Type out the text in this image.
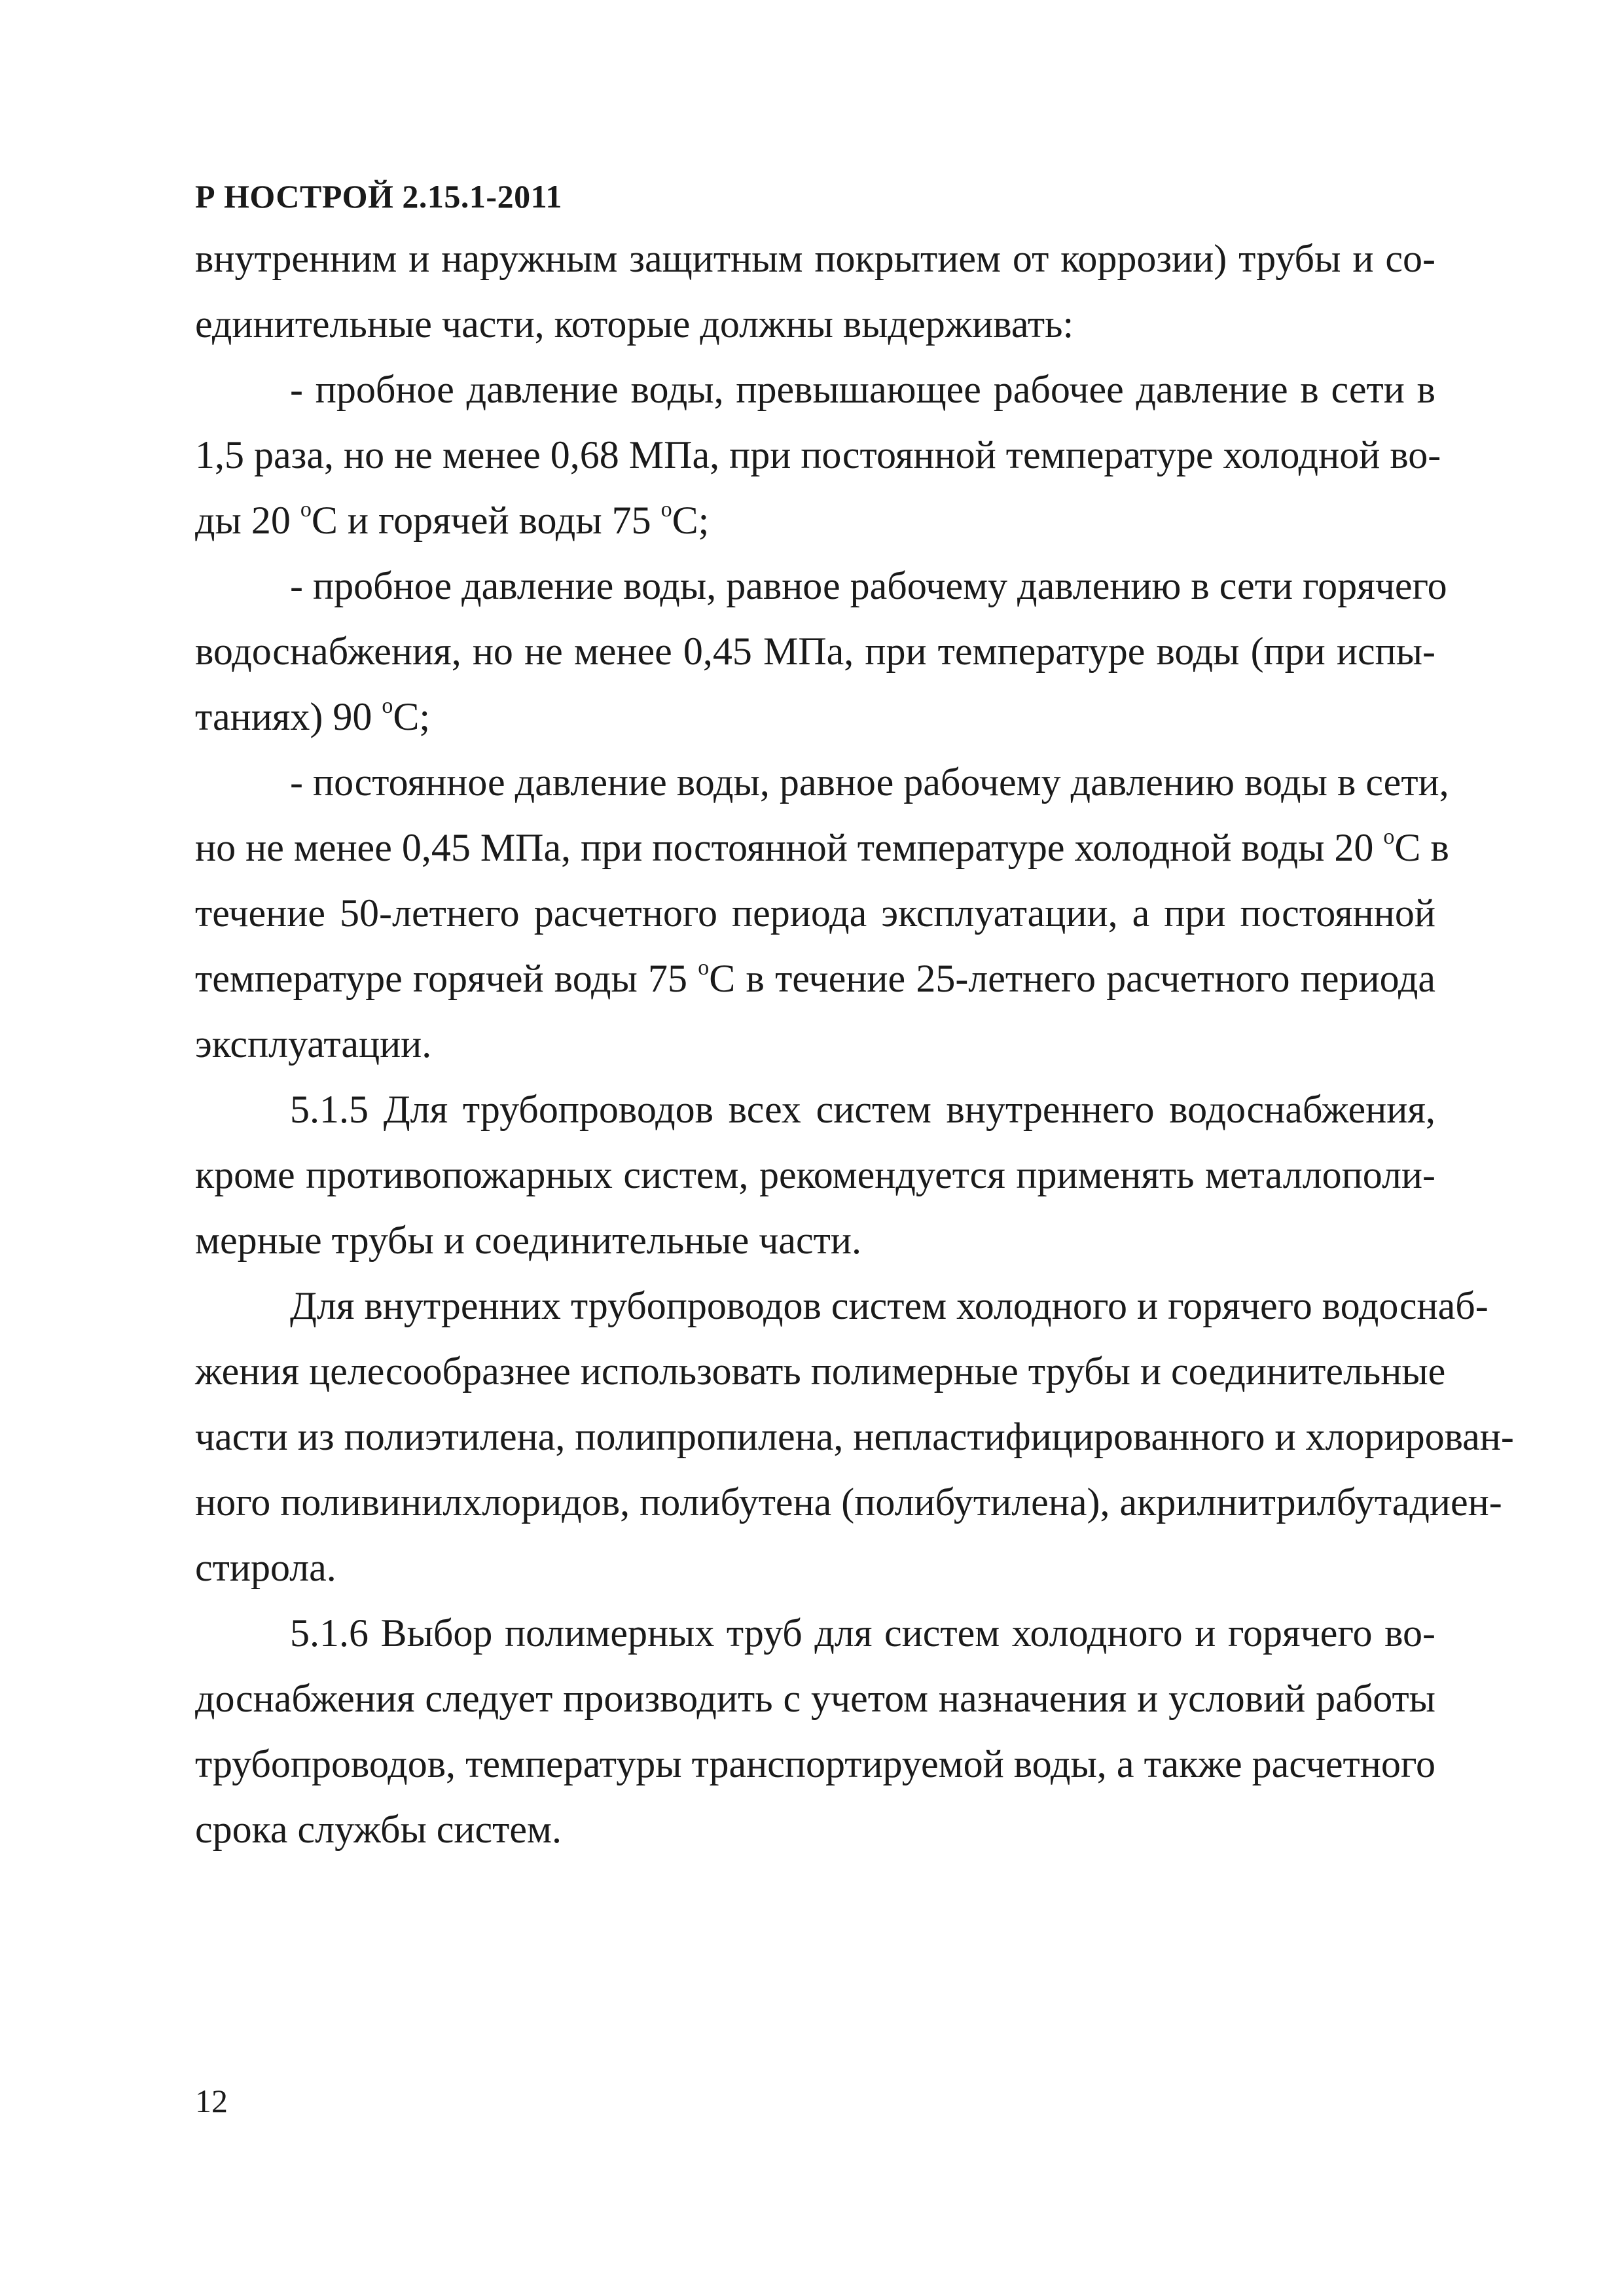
Р НОСТРОЙ 2.15.1-2011
внутренним и наружным защитным покрытием от коррозии) трубы и со-
единительные части, которые должны выдерживать:
- пробное давление воды, превышающее рабочее давление в сети в
1,5 раза, но не менее 0,68 МПа, при постоянной температуре холодной во-
ды 20 $^o$С и горячей воды 75 $^o$С;
- пробное давление воды, равное рабочему давлению в сети горячего
водоснабжения, но не менее 0,45 МПа, при температуре воды (при испы-
таниях) 90 $^o$С;
- постоянное давление воды, равное рабочему давлению воды в сети,
но не менее 0,45 МПа, при постоянной температуре холодной воды 20 $^o$С в
течение 50-летнего расчетного периода эксплуатации, а при постоянной
температуре горячей воды 75 $^o$С в течение 25-летнего расчетного периода
эксплуатации.
5.1.5 Для трубопроводов всех систем внутреннего водоснабжения,
кроме противопожарных систем, рекомендуется применять металлополи-
мерные трубы и соединительные части.
Для внутренних трубопроводов систем холодного и горячего водоснаб-
жения целесообразнее использовать полимерные трубы и соединительные
части из полиэтилена, полипропилена, непластифицированного и хлорирован-
ного поливинилхлоридов, полибутена (полибутилена), акрилнитрилбутадиен-
стирола.
5.1.6 Выбор полимерных труб для систем холодного и горячего во-
доснабжения следует производить с учетом назначения и условий работы
трубопроводов, температуры транспортируемой воды, а также расчетного
срока службы систем.
12
